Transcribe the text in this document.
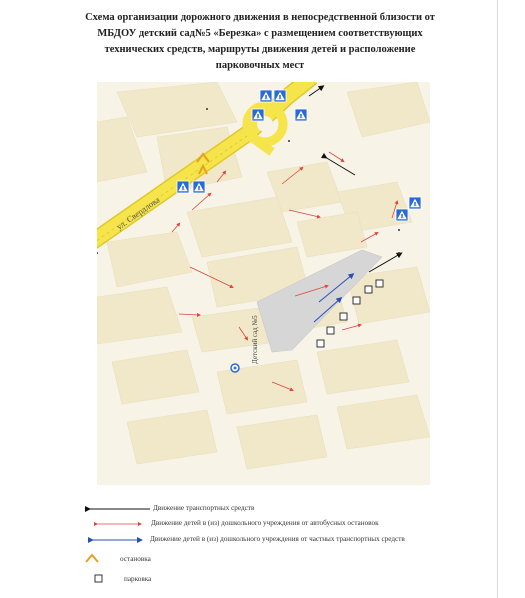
Схема организации дорожного движения в непосредственной близости от
МБДОУ детский сад№5 «Березка» с размещением соответствующих
технических средств, маршруты движения детей и расположение
парковочных мест
ул. Свердлова
Детский сад №5
Движение транспортных средств
Движение детей в (из) дошкольного учреждения от автобусных остановок
Движение детей в (из) дошкольного учреждения от частных транспортных средств
остановка
парковка
